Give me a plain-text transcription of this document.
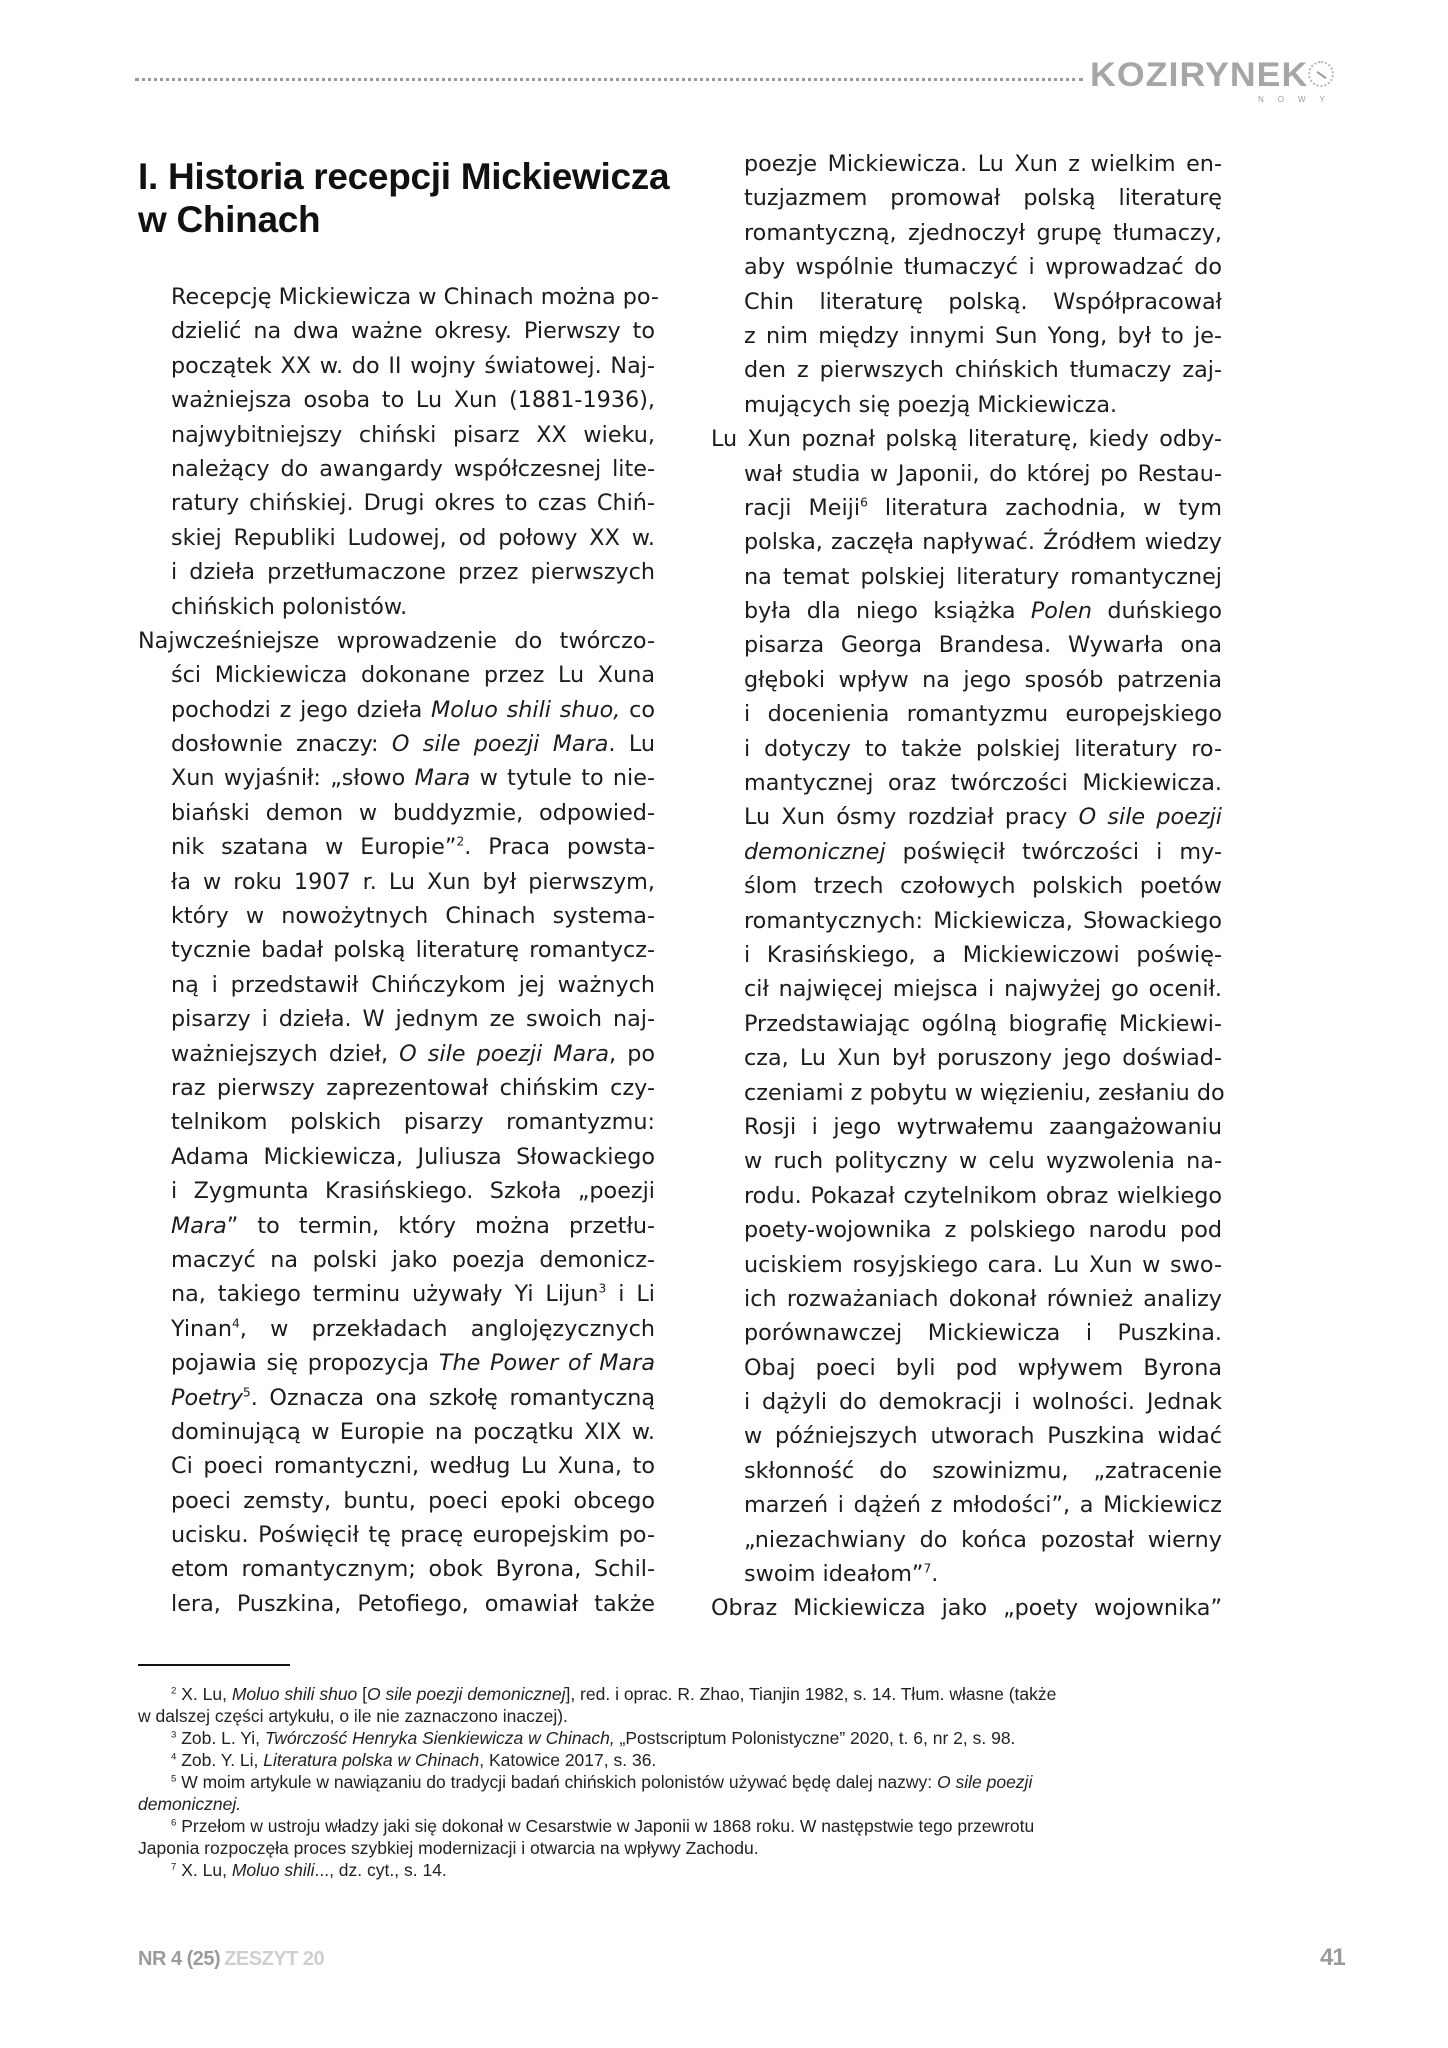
KOZIRYNEK
NOWY
I. Historia recepcji Mickiewicza
w Chinach
Recepcję Mickiewicza w Chinach można po-
dzielić na dwa ważne okresy. Pierwszy to
początek XX w. do II wojny światowej. Naj-
ważniejsza osoba to Lu Xun (1881-1936),
najwybitniejszy chiński pisarz XX wieku,
należący do awangardy współczesnej lite-
ratury chińskiej. Drugi okres to czas Chiń-
skiej Republiki Ludowej, od połowy XX w.
i dzieła przetłumaczone przez pierwszych
chińskich polonistów.
Najwcześniejsze wprowadzenie do twórczo-
ści Mickiewicza dokonane przez Lu Xuna
pochodzi z jego dzieła Moluo shili shuo, co
dosłownie znaczy: O sile poezji Mara. Lu
Xun wyjaśnił: „słowo Mara w tytule to nie-
biański demon w buddyzmie, odpowied-
nik szatana w Europie”$^2$. Praca powsta-
ła w roku 1907 r. Lu Xun był pierwszym,
który w nowożytnych Chinach systema-
tycznie badał polską literaturę romantycz-
ną i przedstawił Chińczykom jej ważnych
pisarzy i dzieła. W jednym ze swoich naj-
ważniejszych dzieł, O sile poezji Mara, po
raz pierwszy zaprezentował chińskim czy-
telnikom polskich pisarzy romantyzmu:
Adama Mickiewicza, Juliusza Słowackiego
i Zygmunta Krasińskiego. Szkoła „poezji
Mara” to termin, który można przetłu-
maczyć na polski jako poezja demonicz-
na, takiego terminu używały Yi Lijun$^3$ i Li
Yinan$^4$, w przekładach anglojęzycznych
pojawia się propozycja The Power of Mara
Poetry$^5$. Oznacza ona szkołę romantyczną
dominującą w Europie na początku XIX w.
Ci poeci romantyczni, według Lu Xuna, to
poeci zemsty, buntu, poeci epoki obcego
ucisku. Poświęcił tę pracę europejskim po-
etom romantycznym; obok Byrona, Schil-
lera, Puszkina, Petofiego, omawiał także
poezje Mickiewicza. Lu Xun z wielkim en-
tuzjazmem promował polską literaturę
romantyczną, zjednoczył grupę tłumaczy,
aby wspólnie tłumaczyć i wprowadzać do
Chin literaturę polską. Współpracował
z nim między innymi Sun Yong, był to je-
den z pierwszych chińskich tłumaczy zaj-
mujących się poezją Mickiewicza.
Lu Xun poznał polską literaturę, kiedy odby-
wał studia w Japonii, do której po Restau-
racji Meiji$^6$ literatura zachodnia, w tym
polska, zaczęła napływać. Źródłem wiedzy
na temat polskiej literatury romantycznej
była dla niego książka Polen duńskiego
pisarza Georga Brandesa. Wywarła ona
głęboki wpływ na jego sposób patrzenia
i docenienia romantyzmu europejskiego
i dotyczy to także polskiej literatury ro-
mantycznej oraz twórczości Mickiewicza.
Lu Xun ósmy rozdział pracy O sile poezji
demonicznej poświęcił twórczości i my-
ślom trzech czołowych polskich poetów
romantycznych: Mickiewicza, Słowackiego
i Krasińskiego, a Mickiewiczowi poświę-
cił najwięcej miejsca i najwyżej go ocenił.
Przedstawiając ogólną biografię Mickiewi-
cza, Lu Xun był poruszony jego doświad-
czeniami z pobytu w więzieniu, zesłaniu do
Rosji i jego wytrwałemu zaangażowaniu
w ruch polityczny w celu wyzwolenia na-
rodu. Pokazał czytelnikom obraz wielkiego
poety-wojownika z polskiego narodu pod
uciskiem rosyjskiego cara. Lu Xun w swo-
ich rozważaniach dokonał również analizy
porównawczej Mickiewicza i Puszkina.
Obaj poeci byli pod wpływem Byrona
i dążyli do demokracji i wolności. Jednak
w późniejszych utworach Puszkina widać
skłonność do szowinizmu, „zatracenie
marzeń i dążeń z młodości”, a Mickiewicz
„niezachwiany do końca pozostał wierny
swoim ideałom”$^7$.
Obraz Mickiewicza jako „poety wojownika”
$^2$ X. Lu, Moluo shili shuo [O sile poezji demonicznej], red. i oprac. R. Zhao, Tianjin 1982, s. 14. Tłum. własne (także
w dalszej części artykułu, o ile nie zaznaczono inaczej).
$^3$ Zob. L. Yi, Twórczość Henryka Sienkiewicza w Chinach, „Postscriptum Polonistyczne” 2020, t. 6, nr 2, s. 98.
$^4$ Zob. Y. Li, Literatura polska w Chinach, Katowice 2017, s. 36.
$^5$ W moim artykule w nawiązaniu do tradycji badań chińskich polonistów używać będę dalej nazwy: O sile poezji
demonicznej.
$^6$ Przełom w ustroju władzy jaki się dokonał w Cesarstwie w Japonii w 1868 roku. W następstwie tego przewrotu
Japonia rozpoczęła proces szybkiej modernizacji i otwarcia na wpływy Zachodu.
$^7$ X. Lu, Moluo shili..., dz. cyt., s. 14.
NR 4 (25) ZESZYT 20	41
